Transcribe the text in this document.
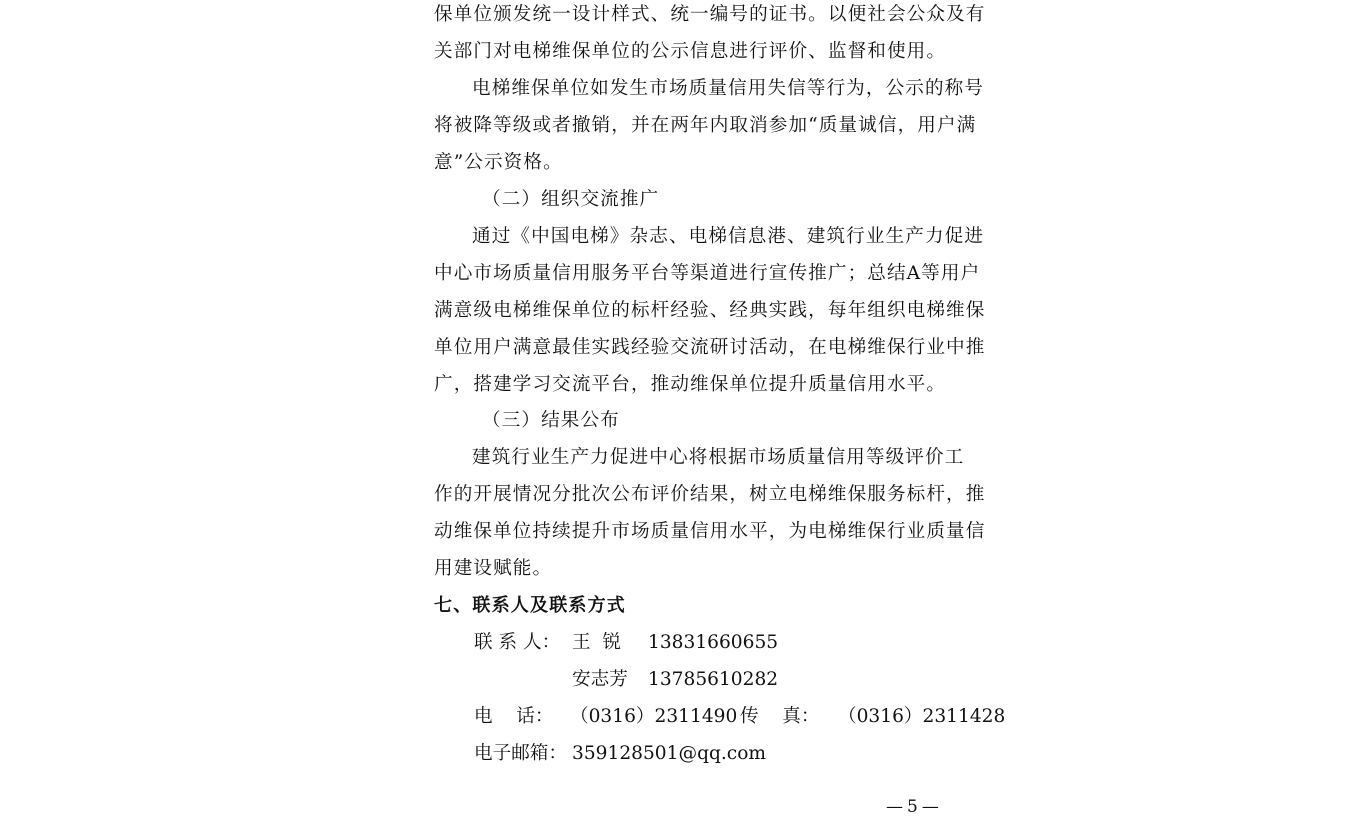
保单位颁发统一设计样式、统一编号的证书。以便社会公众及有
关部门对电梯维保单位的公示信息进行评价、监督和使用。
电梯维保单位如发生市场质量信用失信等行为，公示的称号
将被降等级或者撤销，并在两年内取消参加“质量诚信，用户满
意”公示资格。
（二）组织交流推广
通过《中国电梯》杂志、电梯信息港、建筑行业生产力促进
中心市场质量信用服务平台等渠道进行宣传推广；总结A等用户
满意级电梯维保单位的标杆经验、经典实践，每年组织电梯维保
单位用户满意最佳实践经验交流研讨活动，在电梯维保行业中推
广，搭建学习交流平台，推动维保单位提升质量信用水平。
（三）结果公布
建筑行业生产力促进中心将根据市场质量信用等级评价工
作的开展情况分批次公布评价结果，树立电梯维保服务标杆，推
动维保单位持续提升市场质量信用水平，为电梯维保行业质量信
用建设赋能。
七、联系人及联系方式
联 系 人： 王  锐 13831660655
安志芳 13785610282
电    话： （0316）2311490 传    真： （0316）2311428
电子邮箱： 359128501@qq.com
—5—
